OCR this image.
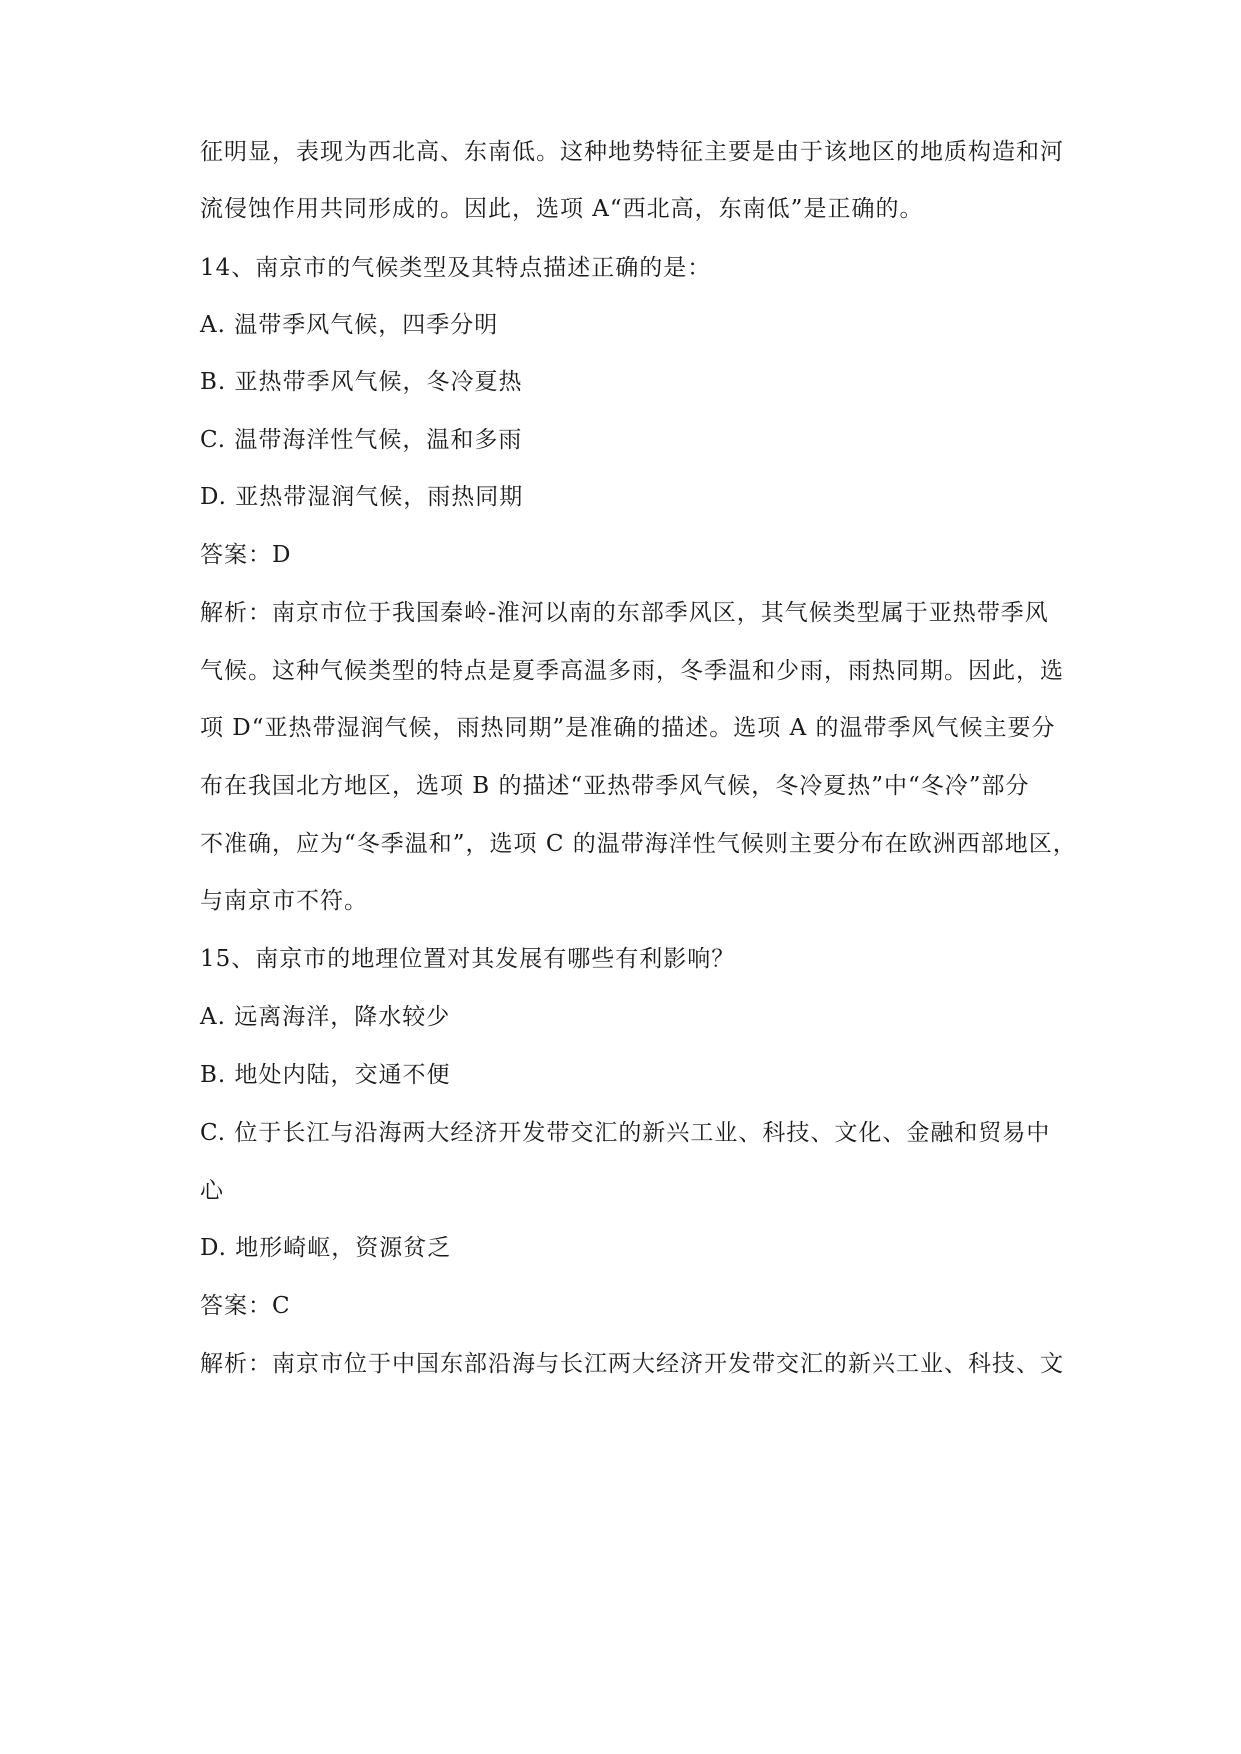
征明显，表现为西北高、东南低。这种地势特征主要是由于该地区的地质构造和河
流侵蚀作用共同形成的。因此，选项 A“西北高，东南低”是正确的。
14、南京市的气候类型及其特点描述正确的是：
A. 温带季风气候，四季分明
B. 亚热带季风气候，冬冷夏热
C. 温带海洋性气候，温和多雨
D. 亚热带湿润气候，雨热同期
答案：D
解析：南京市位于我国秦岭-淮河以南的东部季风区，其气候类型属于亚热带季风
气候。这种气候类型的特点是夏季高温多雨，冬季温和少雨，雨热同期。因此，选
项 D“亚热带湿润气候，雨热同期”是准确的描述。选项 A 的温带季风气候主要分
布在我国北方地区，选项 B 的描述“亚热带季风气候，冬冷夏热”中“冬冷”部分
不准确，应为“冬季温和”，选项 C 的温带海洋性气候则主要分布在欧洲西部地区，
与南京市不符。
15、南京市的地理位置对其发展有哪些有利影响？
A. 远离海洋，降水较少
B. 地处内陆，交通不便
C. 位于长江与沿海两大经济开发带交汇的新兴工业、科技、文化、金融和贸易中
心
D. 地形崎岖，资源贫乏
答案：C
解析：南京市位于中国东部沿海与长江两大经济开发带交汇的新兴工业、科技、文
